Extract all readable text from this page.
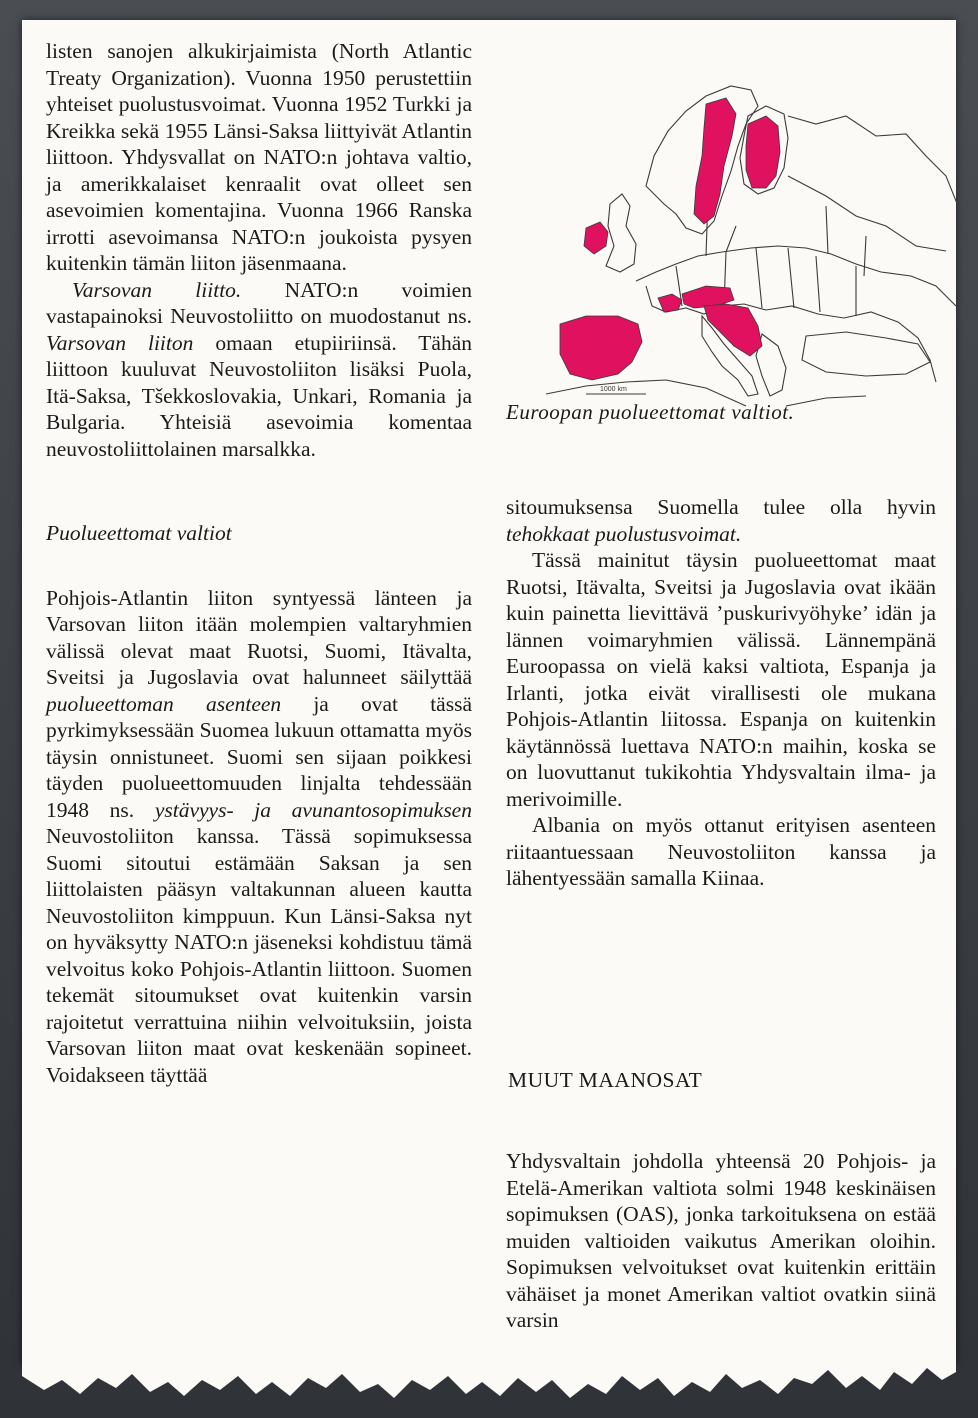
listen sanojen alkukirjaimista (North Atlantic Treaty Organization). Vuonna 1950 perustettiin yhteiset puolustusvoimat. Vuonna 1952 Turkki ja Kreikka sekä 1955 Länsi-Saksa liittyivät Atlantin liittoon. Yhdysvallat on NATO:n johtava valtio, ja amerikkalaiset kenraalit ovat olleet sen asevoimien komentajina. Vuonna 1966 Ranska irrotti asevoimansa NATO:n joukoista pysyen kuitenkin tämän liiton jäsenmaana.

Varsovan liitto. NATO:n voimien vastapainoksi Neuvostoliitto on muodostanut ns. Varsovan liiton omaan etupiiriinsä. Tähän liittoon kuuluvat Neuvostoliiton lisäksi Puola, Itä-Saksa, Tšekkoslovakia, Unkari, Romania ja Bulgaria. Yhteisiä asevoimia komentaa neuvostoliittolainen marsalkka.

Puolueettomat valtiot

Pohjois-Atlantin liiton syntyessä länteen ja Varsovan liiton itään molempien valtaryhmien välissä olevat maat Ruotsi, Suomi, Itävalta, Sveitsi ja Jugoslavia ovat halunneet säilyttää puolueettoman asenteen ja ovat tässä pyrkimyksessään Suomea lukuun ottamatta myös täysin onnistuneet. Suomi sen sijaan poikkesi täyden puolueettomuuden linjalta tehdessään 1948 ns. ystävyys- ja avunantosopimuksen Neuvostoliiton kanssa. Tässä sopimuksessa Suomi sitoutui estämään Saksan ja sen liittolaisten pääsyn valtakunnan alueen kautta Neuvostoliiton kimppuun. Kun Länsi-Saksa nyt on hyväksytty NATO:n jäseneksi kohdistuu tämä velvoitus koko Pohjois-Atlantin liittoon. Suomen tekemät sitoumukset ovat kuitenkin varsin rajoitetut verrattuina niihin velvoituksiin, joista Varsovan liiton maat ovat keskenään sopineet. Voidakseen täyttää

1000 km
Euroopan puolueettomat valtiot.

sitoumuksensa Suomella tulee olla hyvin tehokkaat puolustusvoimat.

Tässä mainitut täysin puolueettomat maat Ruotsi, Itävalta, Sveitsi ja Jugoslavia ovat ikään kuin painetta lievittävä ’puskurivyöhyke’ idän ja lännen voimaryhmien välissä. Lännempänä Euroopassa on vielä kaksi valtiota, Espanja ja Irlanti, jotka eivät virallisesti ole mukana Pohjois-Atlantin liitossa. Espanja on kuitenkin käytännössä luettava NATO:n maihin, koska se on luovuttanut tukikohtia Yhdysvaltain ilma- ja merivoimille.

Albania on myös ottanut erityisen asenteen riitaantuessaan Neuvostoliiton kanssa ja lähentyessään samalla Kiinaa.

MUUT MAANOSAT

Yhdysvaltain johdolla yhteensä 20 Pohjois- ja Etelä-Amerikan valtiota solmi 1948 keskinäisen sopimuksen (OAS), jonka tarkoituksena on estää muiden valtioiden vaikutus Amerikan oloihin. Sopimuksen velvoitukset ovat kuitenkin erittäin vähäiset ja monet Amerikan valtiot ovatkin siinä varsin
